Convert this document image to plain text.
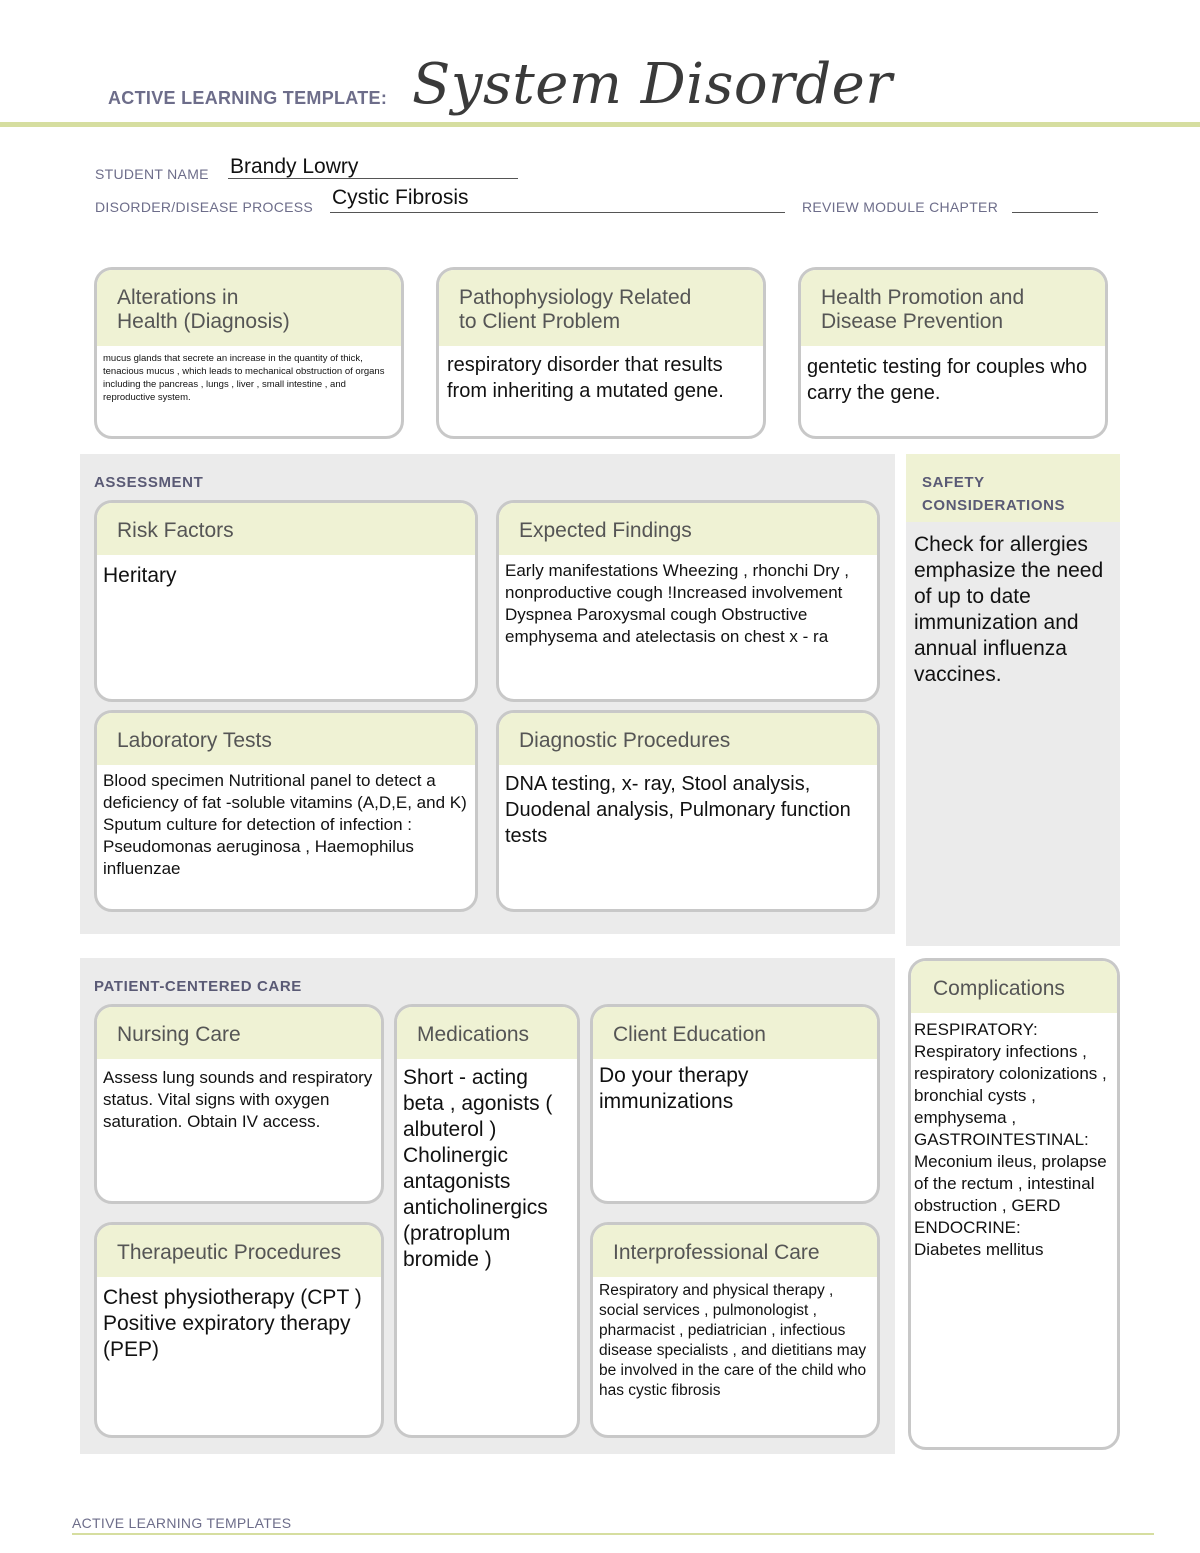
ACTIVE LEARNING TEMPLATE: System Disorder
STUDENT NAME Brandy Lowry
DISORDER/DISEASE PROCESS Cystic Fibrosis	REVIEW MODULE CHAPTER
Alterations in
Health (Diagnosis)
mucus glands that secrete an increase in the quantity of thick, tenacious mucus , which leads to mechanical obstruction of organs including the pancreas , lungs , liver , small intestine , and reproductive system.
Pathophysiology Related
to Client Problem
respiratory disorder that results from inheriting a mutated gene.
Health Promotion and
Disease Prevention
gentetic testing for couples who carry the gene.
ASSESSMENT
Risk Factors
Heritary
Expected Findings
Early manifestations Wheezing , rhonchi Dry , nonproductive cough !Increased involvement Dyspnea Paroxysmal cough Obstructive emphysema and atelectasis on chest x - ra
Laboratory Tests
Blood specimen Nutritional panel to detect a deficiency of fat -soluble vitamins (A,D,E, and K) Sputum culture for detection of infection : Pseudomonas aeruginosa , Haemophilus influenzae
Diagnostic Procedures
DNA testing, x- ray, Stool analysis, Duodenal analysis, Pulmonary function tests
SAFETY
CONSIDERATIONS
Check for allergies emphasize the need of up to date immunization and annual influenza vaccines.
PATIENT-CENTERED CARE
Nursing Care
Assess lung sounds and respiratory status. Vital signs with oxygen saturation. Obtain IV access.
Medications
Short - acting beta , agonists ( albuterol ) Cholinergic antagonists anticholinergics (pratroplum bromide )
Client Education
Do your therapy immunizations
Therapeutic Procedures
Chest physiotherapy (CPT )
Positive expiratory therapy (PEP)
Interprofessional Care
Respiratory and physical therapy , social services , pulmonologist , pharmacist , pediatrician , infectious disease specialists , and dietitians may be involved in the care of the child who has cystic fibrosis
Complications
RESPIRATORY:
Respiratory infections , respiratory colonizations , bronchial cysts , emphysema ,
GASTROINTESTINAL:
Meconium ileus, prolapse of the rectum , intestinal obstruction , GERD
ENDOCRINE:
Diabetes mellitus
ACTIVE LEARNING TEMPLATES
